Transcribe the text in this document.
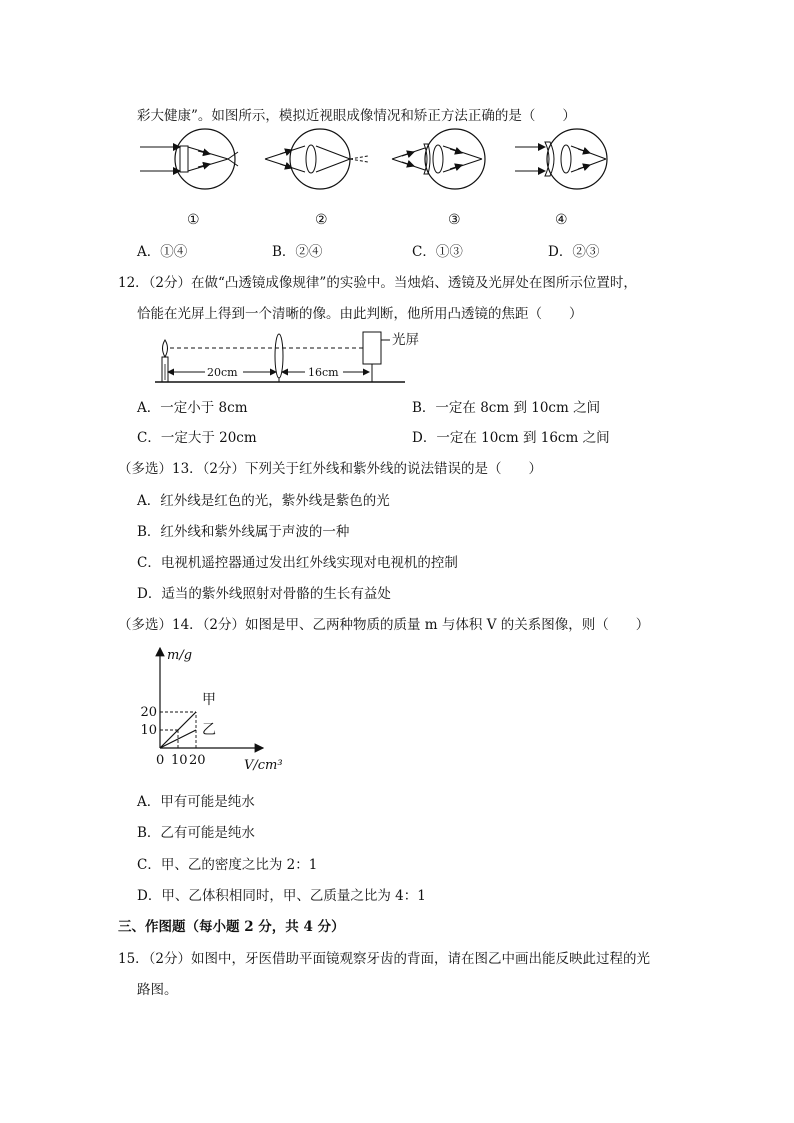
彩大健康”。如图所示，模拟近视眼成像情况和矫正方法正确的是（　　）
①	②	③	④
A．①④	B．②④	C．①③	D．②③
12．（2分）在做“凸透镜成像规律”的实验中。当烛焰、透镜及光屏处在图所示位置时，
恰能在光屏上得到一个清晰的像。由此判断，他所用凸透镜的焦距（　　）
20cm	16cm
光屏
A．一定小于 8cm	B．一定在 8cm 到 10cm 之间
C．一定大于 20cm	D．一定在 10cm 到 16cm 之间
（多选）13．（2分）下列关于红外线和紫外线的说法错误的是（　　）
A．红外线是红色的光，紫外线是紫色的光
B．红外线和紫外线属于声波的一种
C．电视机遥控器通过发出红外线实现对电视机的控制
D．适当的紫外线照射对骨骼的生长有益处
（多选）14．（2分）如图是甲、乙两种物质的质量 m 与体积 V 的关系图像，则（　　）
甲
乙
0 10 20
10
20
m/g
V/cm³
A．甲有可能是纯水
B．乙有可能是纯水
C．甲、乙的密度之比为 2：1
D．甲、乙体积相同时，甲、乙质量之比为 4：1
三、作图题（每小题 2 分，共 4 分）
15．（2分）如图中，牙医借助平面镜观察牙齿的背面，请在图乙中画出能反映此过程的光
路图。
